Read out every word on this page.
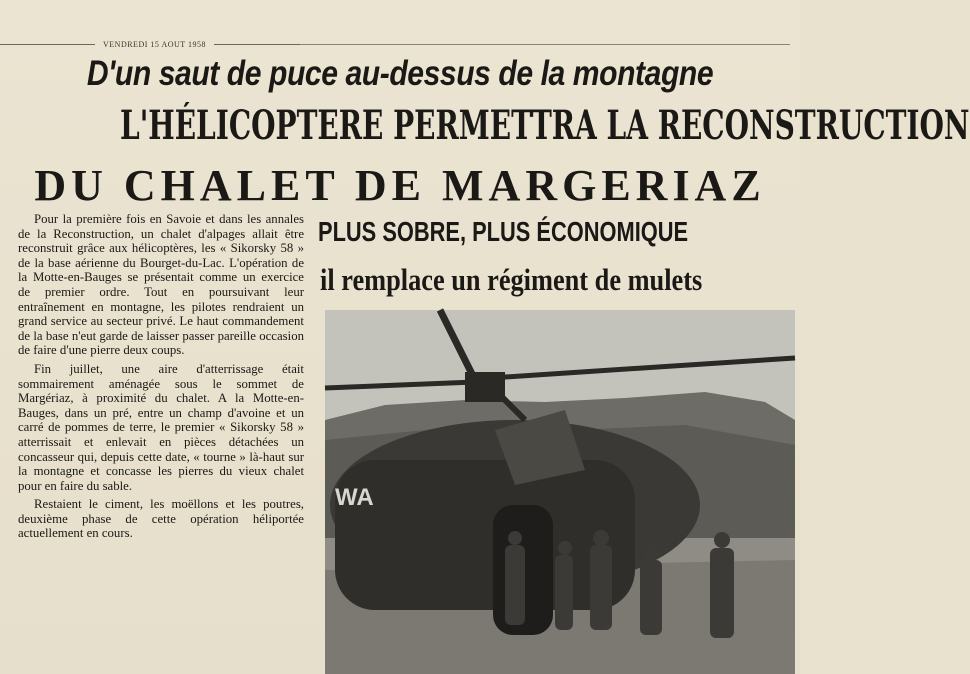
VENDREDI 15 AOUT 1958
D'un saut de puce au-dessus de la montagne
L'HÉLICOPTERE PERMETTRA LA RECONSTRUCTION
DU CHALET DE MARGERIAZ
PLUS SOBRE, PLUS ÉCONOMIQUE
il remplace un régiment de mulets

Pour la première fois en Savoie et dans les annales de la Reconstruction, un chalet d'alpages allait être reconstruit grâce aux hélicoptères, les « Sikorsky 58 » de la base aérienne du Bourget-du-Lac. L'opération de la Motte-en-Bauges se présentait comme un exercice de premier ordre. Tout en poursuivant leur entraînement en montagne, les pilotes rendraient un grand service au secteur privé. Le haut commandement de la base n'eut garde de laisser passer pareille occasion de faire d'une pierre deux coups.

Fin juillet, une aire d'atterrissage était sommairement aménagée sous le sommet de Margériaz, à proximité du chalet. A la Motte-en-Bauges, dans un pré, entre un champ d'avoine et un carré de pommes de terre, le premier « Sikorsky 58 » atterrissait et enlevait en pièces détachées un concasseur qui, depuis cette date, « tourne » là-haut sur la montagne et concasse les pierres du vieux chalet pour en faire du sable.

Restaient le ciment, les moëllons et les poutres, deuxième phase de cette opération héliportée actuellement en cours.

WA
